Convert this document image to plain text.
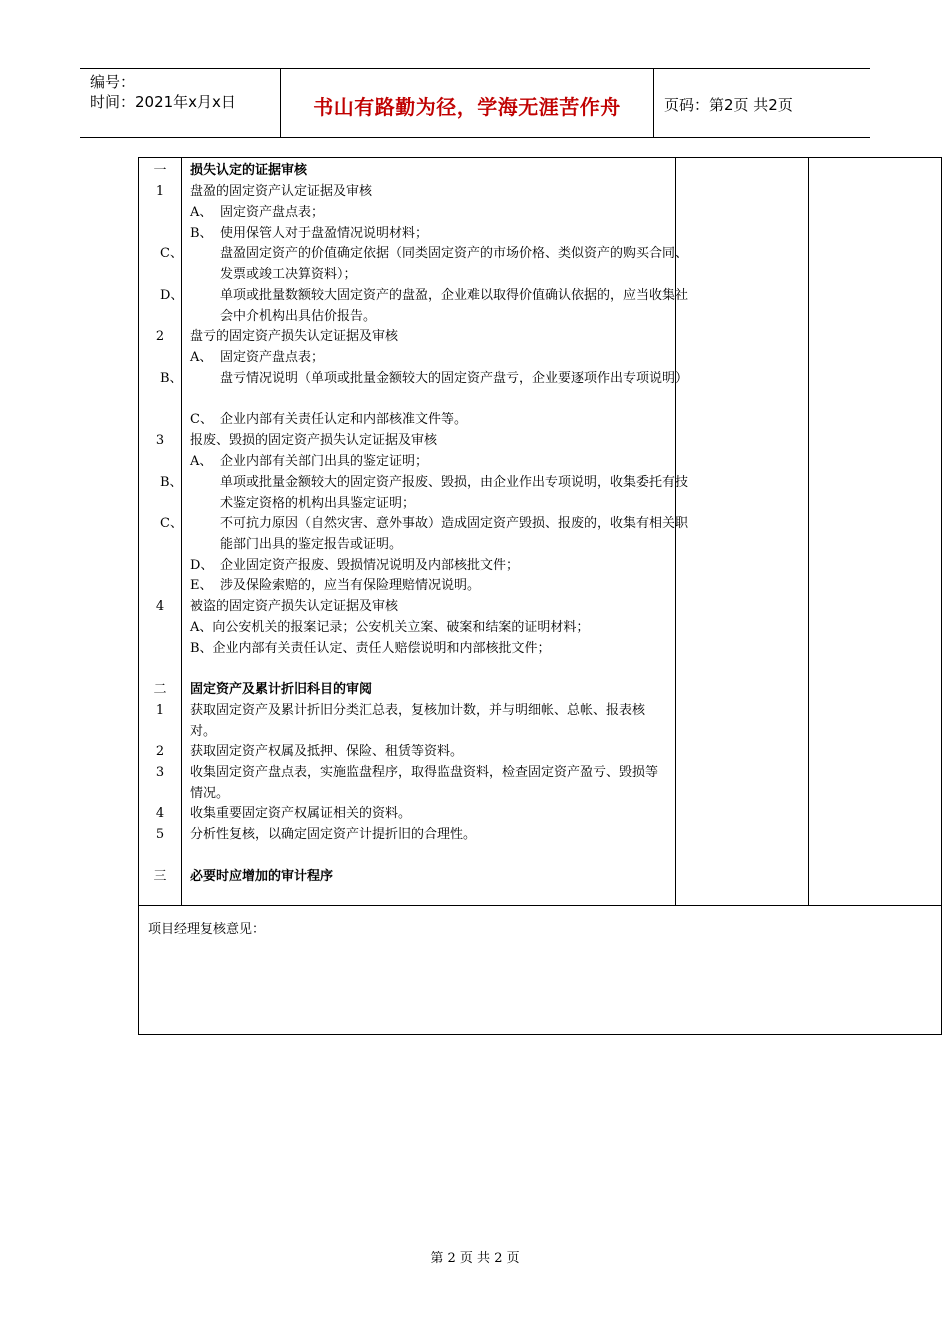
编号：
时间：2021年x月x日	书山有路勤为径，学海无涯苦作舟	页码：第2页 共2页
一	损失认定的证据审核
1	盘盈的固定资产认定证据及审核
A、 固定资产盘点表；
B、 使用保管人对于盘盈情况说明材料；
C、	盘盈固定资产的价值确定依据（同类固定资产的市场价格、类似资产的购买合同、发票或竣工决算资料）；
D、	单项或批量数额较大固定资产的盘盈，企业难以取得价值确认依据的，应当收集社会中介机构出具估价报告。
2	盘亏的固定资产损失认定证据及审核
A、 固定资产盘点表；
B、	盘亏情况说明（单项或批量金额较大的固定资产盘亏，企业要逐项作出专项说明）
C、 企业内部有关责任认定和内部核准文件等。
3	报废、毁损的固定资产损失认定证据及审核
A、 企业内部有关部门出具的鉴定证明；
B、	单项或批量金额较大的固定资产报废、毁损，由企业作出专项说明，收集委托有技术鉴定资格的机构出具鉴定证明；
C、	不可抗力原因（自然灾害、意外事故）造成固定资产毁损、报废的，收集有相关职能部门出具的鉴定报告或证明。
D、 企业固定资产报废、毁损情况说明及内部核批文件；
E、 涉及保险索赔的，应当有保险理赔情况说明。
4	被盗的固定资产损失认定证据及审核
A、向公安机关的报案记录；公安机关立案、破案和结案的证明材料；
B、企业内部有关责任认定、责任人赔偿说明和内部核批文件；
二	固定资产及累计折旧科目的审阅
1	获取固定资产及累计折旧分类汇总表，复核加计数，并与明细帐、总帐、报表核对。
2	获取固定资产权属及抵押、保险、租赁等资料。
3	收集固定资产盘点表，实施监盘程序，取得监盘资料，检查固定资产盈亏、毁损等情况。
4	收集重要固定资产权属证相关的资料。
5	分析性复核，以确定固定资产计提折旧的合理性。
三	必要时应增加的审计程序
项目经理复核意见：
第 2 页 共 2 页
